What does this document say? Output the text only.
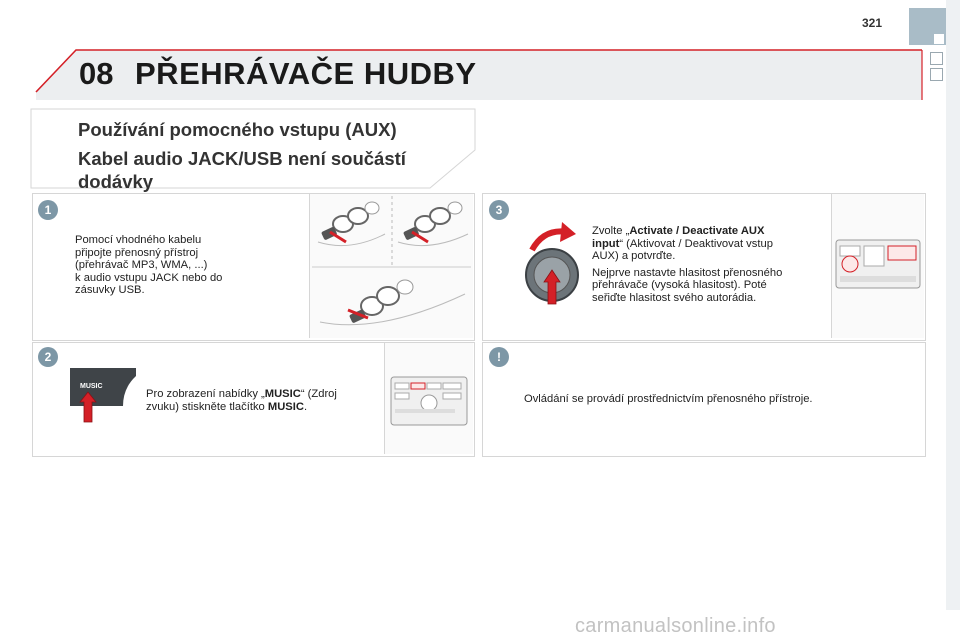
321
08 PŘEHRÁVAČE HUDBY
Používání pomocného vstupu (AUX)
Kabel audio JACK/USB není součástí
dodávky
1
Pomocí vhodného kabelu
připojte přenosný přístroj
(přehrávač MP3, WMA, ...)
k audio vstupu JACK nebo do
zásuvky USB.
2
MUSIC
Pro zobrazení nabídky „MUSIC“ (Zdroj
zvuku) stiskněte tlačítko MUSIC.
3
Zvolte „Activate / Deactivate AUX
input“ (Aktivovat / Deaktivovat vstup
AUX) a potvrďte.
Nejprve nastavte hlasitost přenosného
přehrávače (vysoká hlasitost). Poté
seřiďte hlasitost svého autorádia.
!
Ovládání se provádí prostřednictvím přenosného přístroje.
carmanualsonline.info
